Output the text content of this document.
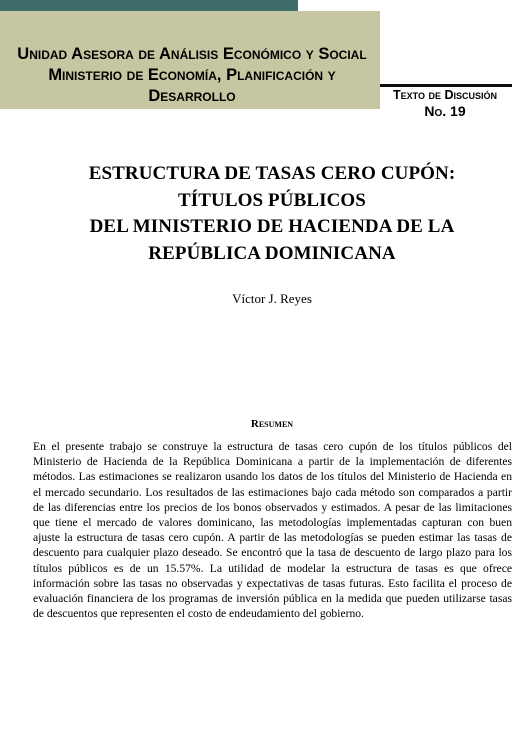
Unidad Asesora de Análisis Económico y Social
Ministerio de Economía, Planificación y
Desarrollo	Texto de Discusión
No. 19
ESTRUCTURA DE TASAS CERO CUPÓN:
TÍTULOS PÚBLICOS
DEL MINISTERIO DE HACIENDA DE LA
REPÚBLICA DOMINICANA
Víctor J. Reyes
Resumen

En el presente trabajo se construye la estructura de tasas cero cupón de los títulos públicos del Ministerio de Hacienda de la República Dominicana a partir de la implementación de diferentes métodos. Las estimaciones se realizaron usando los datos de los títulos del Ministerio de Hacienda en el mercado secundario. Los resultados de las estimaciones bajo cada método son comparados a partir de las diferencias entre los precios de los bonos observados y estimados. A pesar de las limitaciones que tiene el mercado de valores dominicano, las metodologías implementadas capturan con buen ajuste la estructura de tasas cero cupón. A partir de las metodologías se pueden estimar las tasas de descuento para cualquier plazo deseado. Se encontró que la tasa de descuento de largo plazo para los títulos públicos es de un 15.57%. La utilidad de modelar la estructura de tasas es que ofrece información sobre las tasas no observadas y expectativas de tasas futuras. Esto facilita el proceso de evaluación financiera de los programas de inversión pública en la medida que pueden utilizarse tasas de descuentos que representen el costo de endeudamiento del gobierno.
